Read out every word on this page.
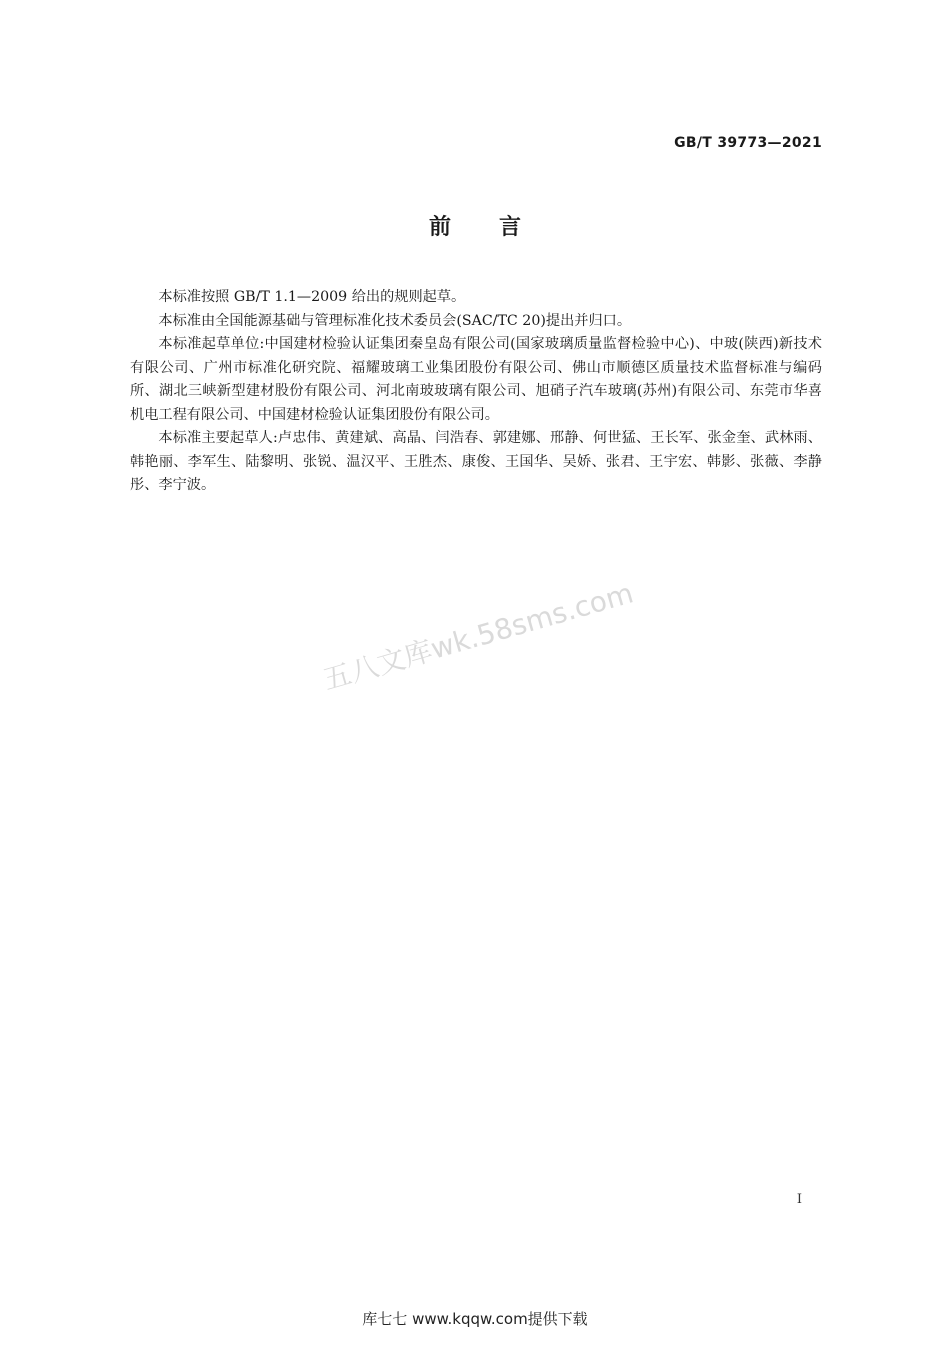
GB/T 39773—2021
前言

本标准按照 GB/T 1.1—2009 给出的规则起草。

本标准由全国能源基础与管理标准化技术委员会(SAC/TC 20)提出并归口。

本标准起草单位:中国建材检验认证集团秦皇岛有限公司(国家玻璃质量监督检验中心)、中玻(陕西)新技术有限公司、广州市标准化研究院、福耀玻璃工业集团股份有限公司、佛山市顺德区质量技术监督标准与编码所、湖北三峡新型建材股份有限公司、河北南玻玻璃有限公司、旭硝子汽车玻璃(苏州)有限公司、东莞市华喜机电工程有限公司、中国建材检验认证集团股份有限公司。

本标准主要起草人:卢忠伟、黄建斌、高晶、闫浩春、郭建娜、邢静、何世猛、王长军、张金奎、武林雨、韩艳丽、李军生、陆黎明、张锐、温汉平、王胜杰、康俊、王国华、吴娇、张君、王宇宏、韩影、张薇、李静彤、李宁波。

五八文库wk.58sms.com
I
库七七 www.kqqw.com提供下载
